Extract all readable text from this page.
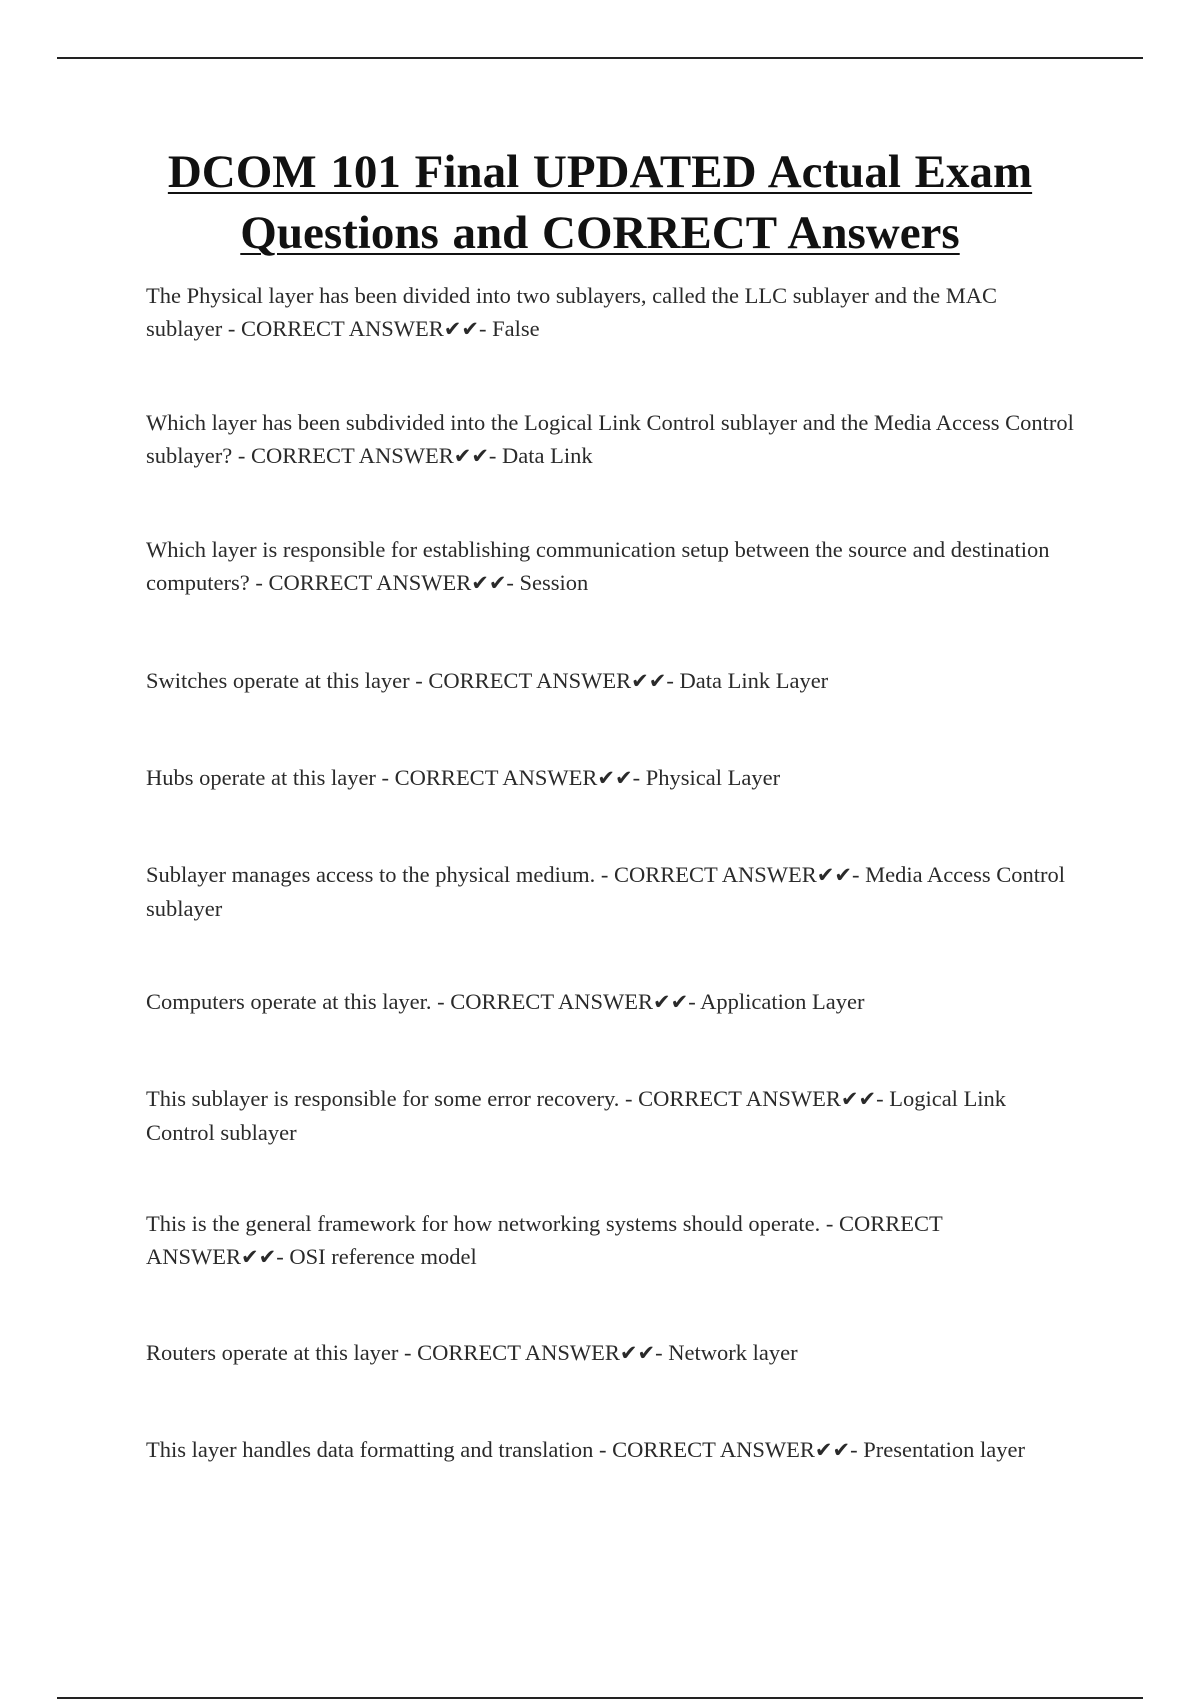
DCOM 101 Final UPDATED Actual Exam Questions and CORRECT Answers

The Physical layer has been divided into two sublayers, called the LLC sublayer and the MAC sublayer - CORRECT ANSWER✔✔- False

Which layer has been subdivided into the Logical Link Control sublayer and the Media Access Control sublayer? - CORRECT ANSWER✔✔- Data Link

Which layer is responsible for establishing communication setup between the source and destination computers? - CORRECT ANSWER✔✔- Session

Switches operate at this layer - CORRECT ANSWER✔✔- Data Link Layer

Hubs operate at this layer - CORRECT ANSWER✔✔- Physical Layer

Sublayer manages access to the physical medium. - CORRECT ANSWER✔✔- Media Access Control sublayer

Computers operate at this layer. - CORRECT ANSWER✔✔- Application Layer

This sublayer is responsible for some error recovery. - CORRECT ANSWER✔✔- Logical Link Control sublayer

This is the general framework for how networking systems should operate. - CORRECT ANSWER✔✔- OSI reference model

Routers operate at this layer - CORRECT ANSWER✔✔- Network layer

This layer handles data formatting and translation - CORRECT ANSWER✔✔- Presentation layer
